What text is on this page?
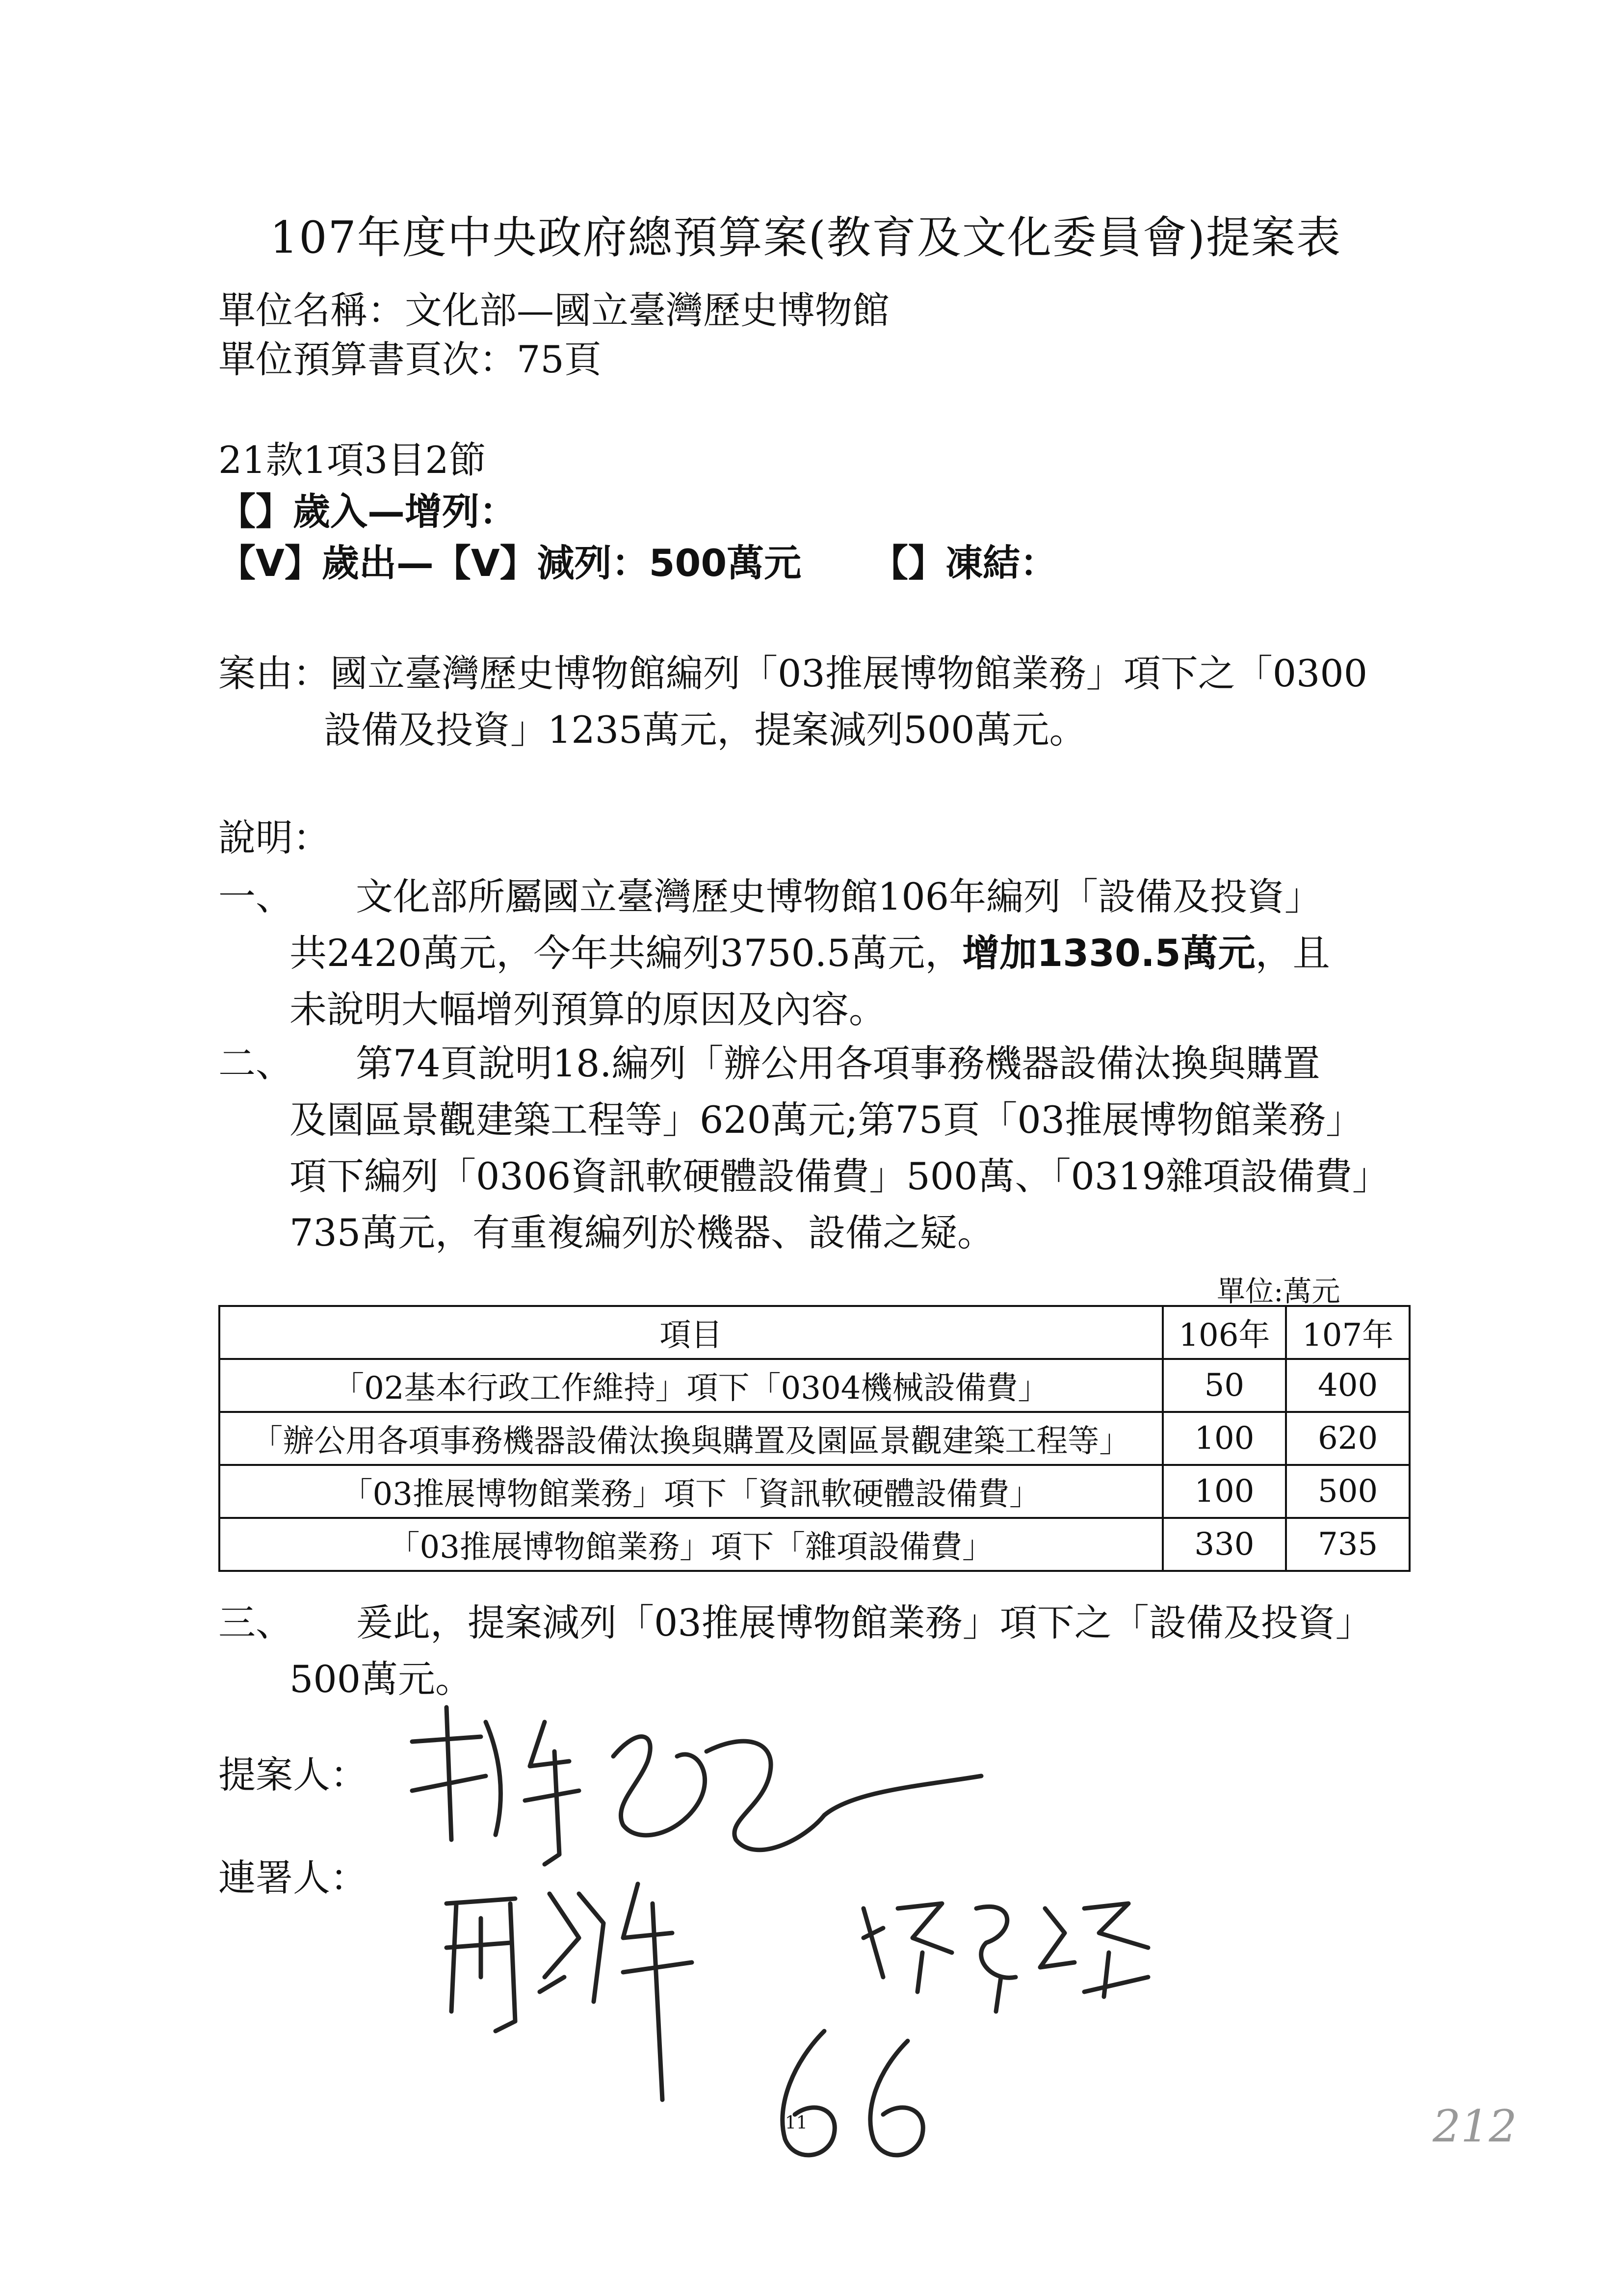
107年度中央政府總預算案(教育及文化委員會)提案表
單位名稱：文化部—國立臺灣歷史博物館
單位預算書頁次：75頁
21款1項3目2節
【】歲入—增列：
【V】歲出—【V】減列：500萬元 【】凍結：
案由：國立臺灣歷史博物館編列「03推展博物館業務」項下之「0300
設備及投資」1235萬元，提案減列500萬元。
說明：
一、 文化部所屬國立臺灣歷史博物館106年編列「設備及投資」
共2420萬元，今年共編列3750.5萬元，增加1330.5萬元，且
未說明大幅增列預算的原因及內容。
二、 第74頁說明18.編列「辦公用各項事務機器設備汰換與購置
及園區景觀建築工程等」620萬元;第75頁「03推展博物館業務」
項下編列「0306資訊軟硬體設備費」500萬、「0319雜項設備費」
735萬元，有重複編列於機器、設備之疑。
單位:萬元
項目	106年	107年
「02基本行政工作維持」項下「0304機械設備費」	50	400
「辦公用各項事務機器設備汰換與購置及園區景觀建築工程等」	100	620
「03推展博物館業務」項下「資訊軟硬體設備費」	100	500
「03推展博物館業務」項下「雜項設備費」	330	735
三、 爰此，提案減列「03推展博物館業務」項下之「設備及投資」
500萬元。
提案人：
連署人：
66
11	212
